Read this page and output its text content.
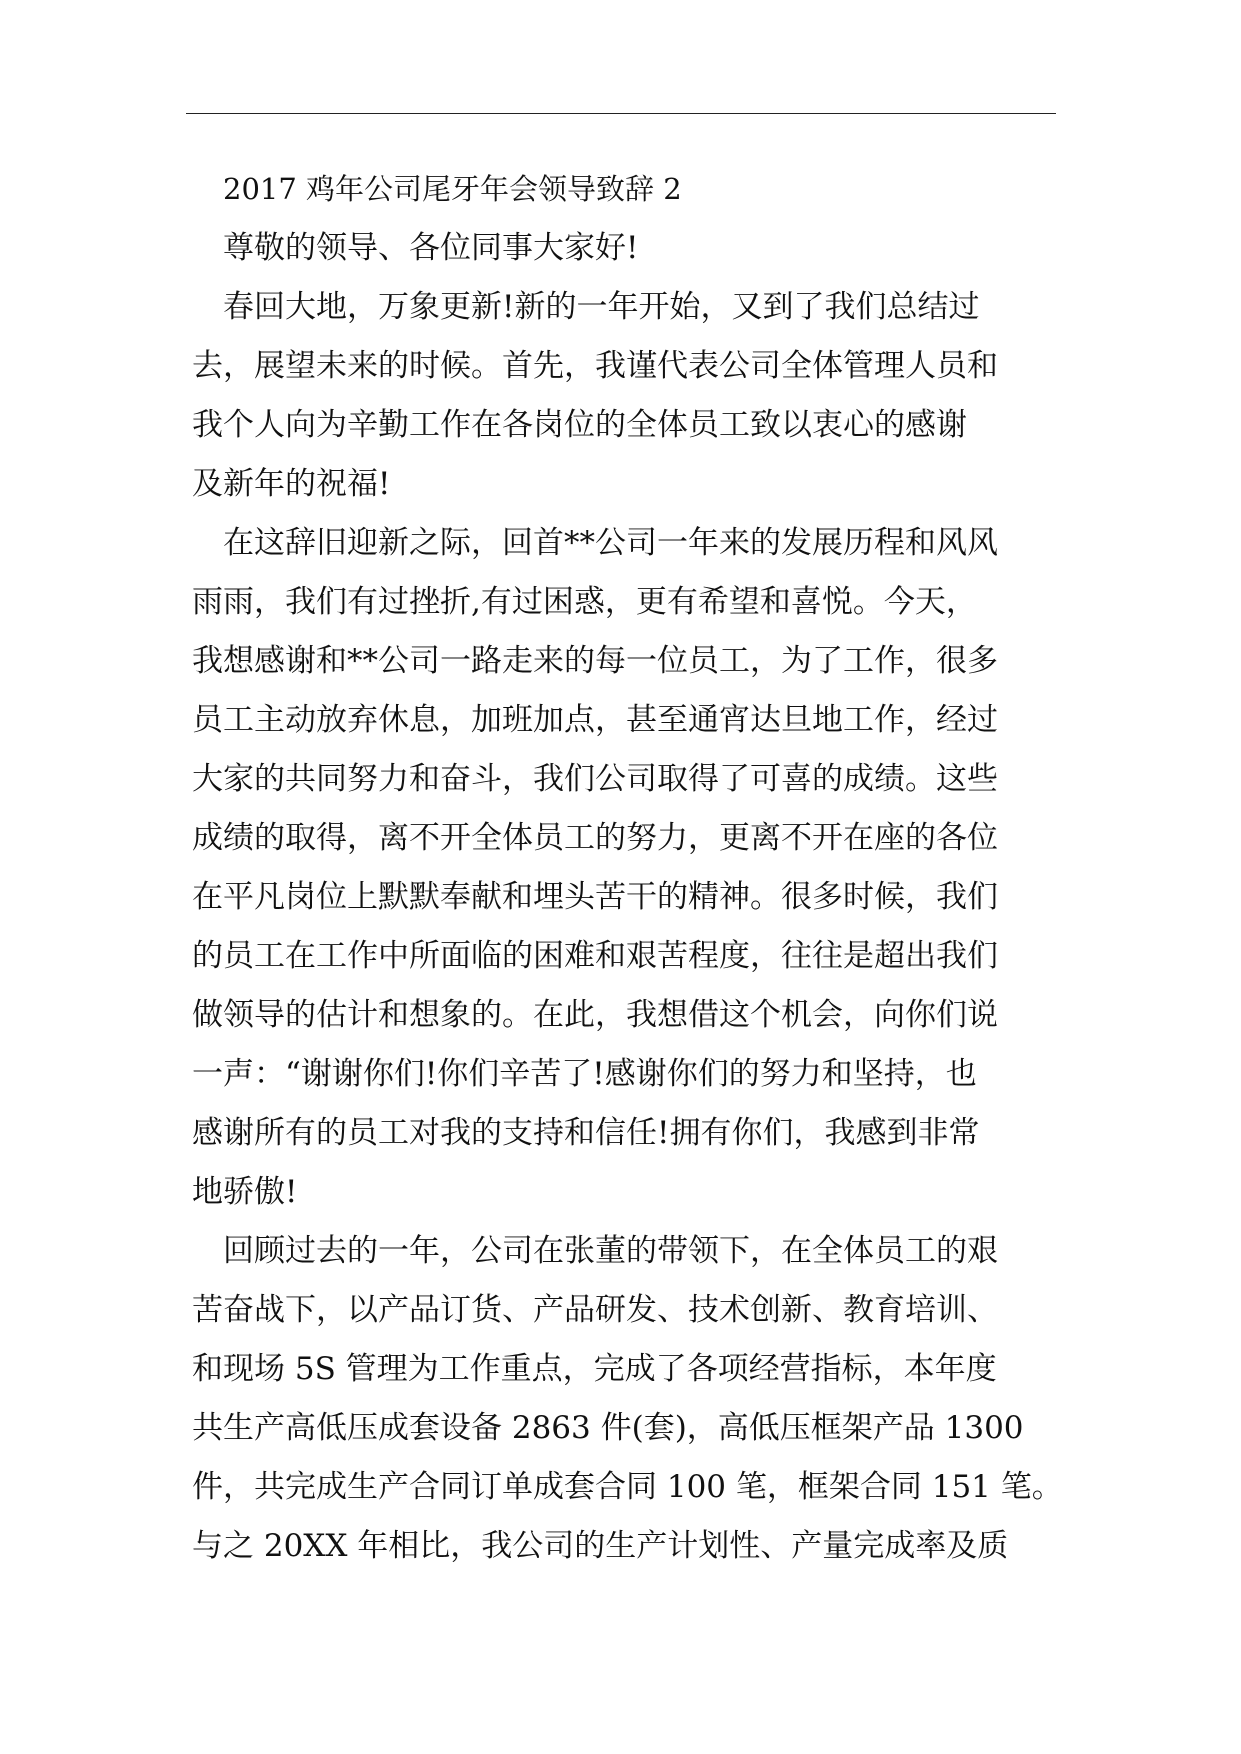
2017 鸡年公司尾牙年会领导致辞 2

尊敬的领导、各位同事大家好!

春回大地，万象更新!新的一年开始，又到了我们总结过
去，展望未来的时候。首先，我谨代表公司全体管理人员和
我个人向为辛勤工作在各岗位的全体员工致以衷心的感谢
及新年的祝福!

在这辞旧迎新之际，回首**公司一年来的发展历程和风风
雨雨，我们有过挫折,有过困惑，更有希望和喜悦。今天，
我想感谢和**公司一路走来的每一位员工，为了工作，很多
员工主动放弃休息，加班加点，甚至通宵达旦地工作，经过
大家的共同努力和奋斗，我们公司取得了可喜的成绩。这些
成绩的取得，离不开全体员工的努力，更离不开在座的各位
在平凡岗位上默默奉献和埋头苦干的精神。很多时候，我们
的员工在工作中所面临的困难和艰苦程度，往往是超出我们
做领导的估计和想象的。在此，我想借这个机会，向你们说
一声：“谢谢你们!你们辛苦了!感谢你们的努力和坚持，也
感谢所有的员工对我的支持和信任!拥有你们，我感到非常
地骄傲!

回顾过去的一年，公司在张董的带领下，在全体员工的艰
苦奋战下，以产品订货、产品研发、技术创新、教育培训、
和现场 5S 管理为工作重点，完成了各项经营指标，本年度
共生产高低压成套设备 2863 件(套)，高低压框架产品 1300
件，共完成生产合同订单成套合同 100 笔，框架合同 151 笔。
与之 20XX 年相比，我公司的生产计划性、产量完成率及质
